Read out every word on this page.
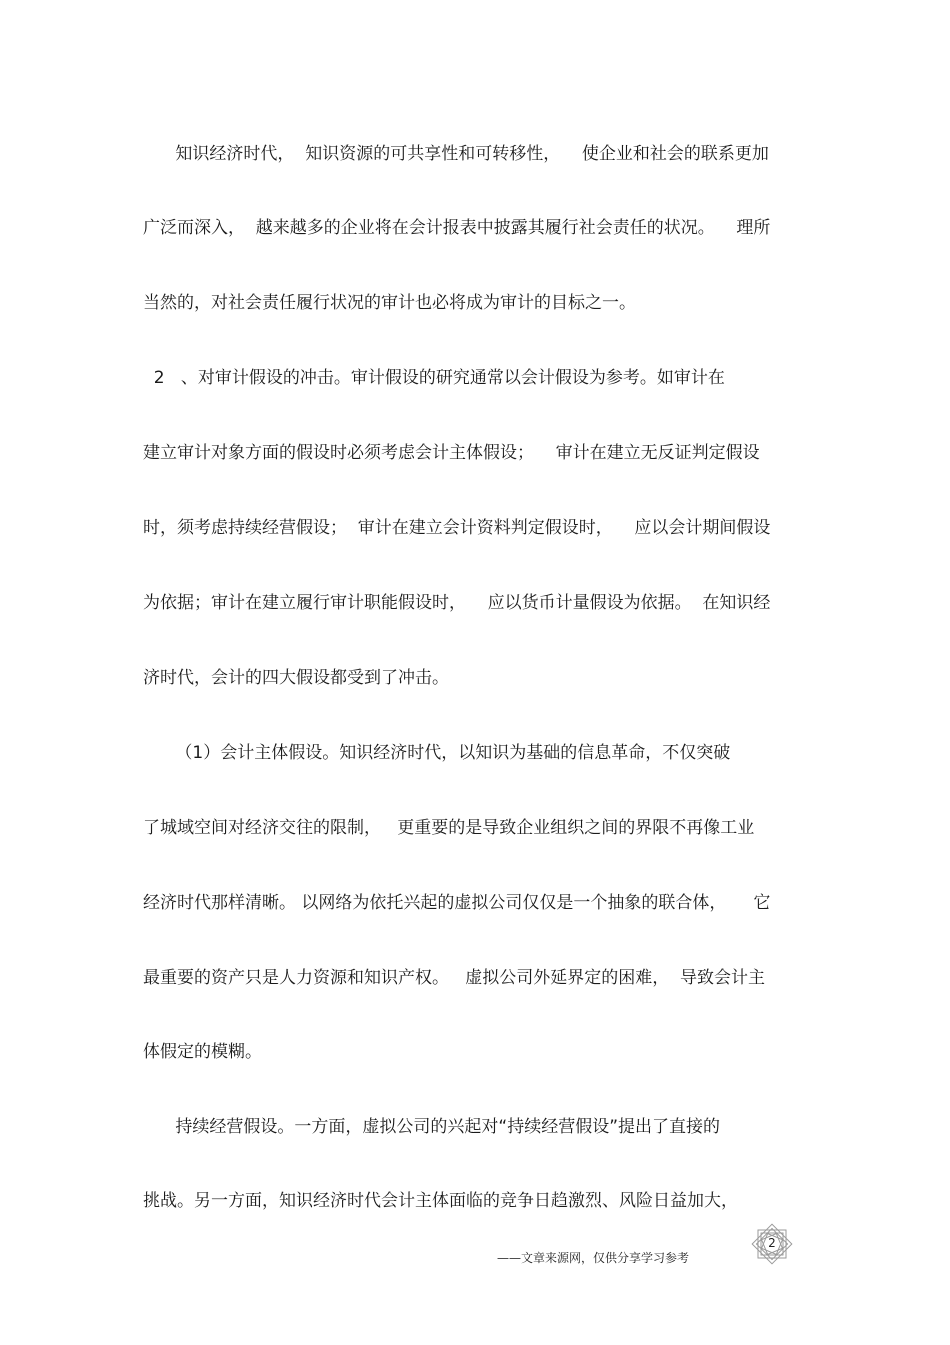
知识经济时代，  知识资源的可共享性和可转移性，    使企业和社会的联系更加
广泛而深入，  越来越多的企业将在会计报表中披露其履行社会责任的状况。    理所
当然的，对社会责任履行状况的审计也必将成为审计的目标之一。
2   、对审计假设的冲击。审计假设的研究通常以会计假设为参考。如审计在
建立审计对象方面的假设时必须考虑会计主体假设；    审计在建立无反证判定假设
时，须考虑持续经营假设；  审计在建立会计资料判定假设时，    应以会计期间假设
为依据；审计在建立履行审计职能假设时，    应以货币计量假设为依据。  在知识经
济时代，会计的四大假设都受到了冲击。
（1）会计主体假设。知识经济时代，以知识为基础的信息革命，不仅突破
了城域空间对经济交往的限制，   更重要的是导致企业组织之间的界限不再像工业
经济时代那样清晰。 以网络为依托兴起的虚拟公司仅仅是一个抽象的联合体，     它
最重要的资产只是人力资源和知识产权。   虚拟公司外延界定的困难，  导致会计主
体假定的模糊。
持续经营假设。一方面，虚拟公司的兴起对“持续经营假设”提出了直接的
挑战。另一方面，知识经济时代会计主体面临的竞争日趋激烈、风险日益加大，
——文章来源网，仅供分享学习参考
2
